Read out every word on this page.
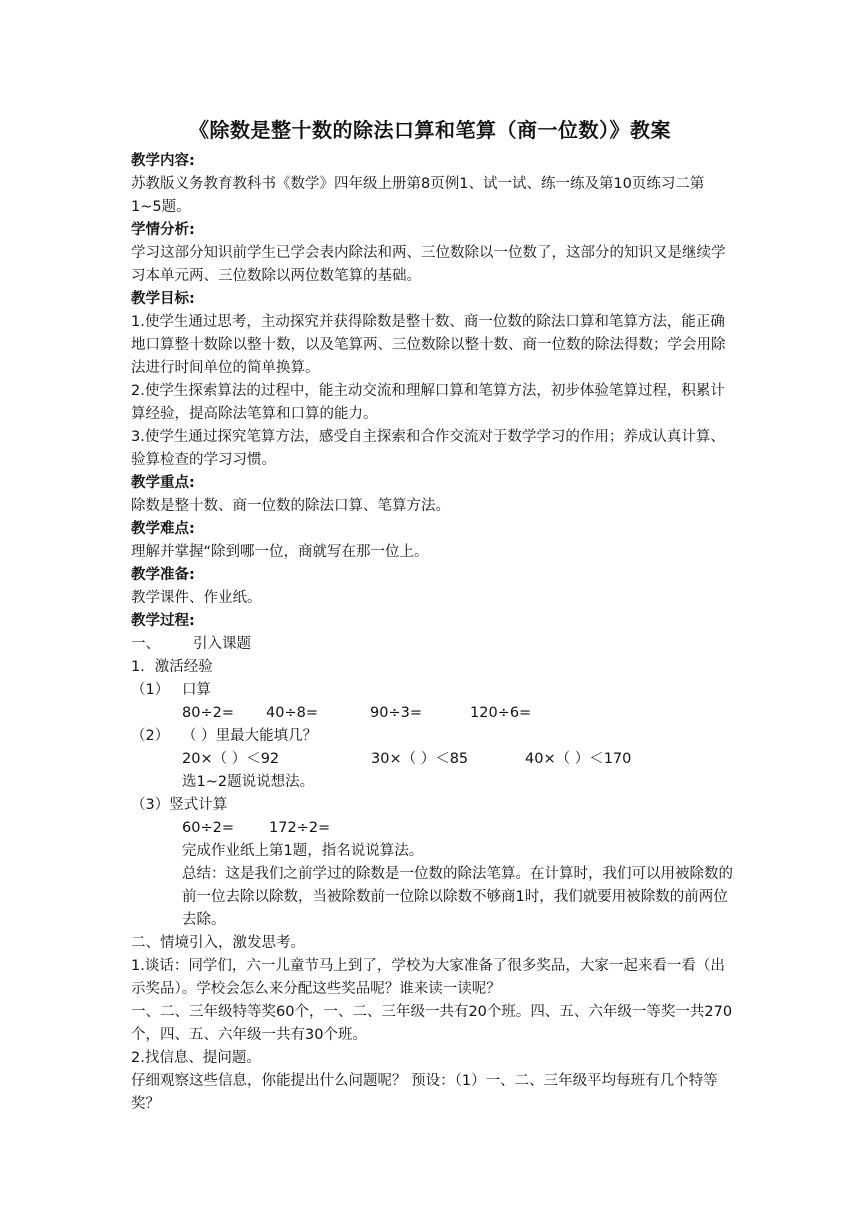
《除数是整十数的除法口算和笔算（商一位数）》教案

教学内容:

苏教版义务教育教科书《数学》四年级上册第8页例1、试一试、练一练及第10页练习二第1~5题。

学情分析:

学习这部分知识前学生已学会表内除法和两、三位数除以一位数了，这部分的知识又是继续学习本单元两、三位数除以两位数笔算的基础。

教学目标:

1.使学生通过思考，主动探究并获得除数是整十数、商一位数的除法口算和笔算方法，能正确地口算整十数除以整十数，以及笔算两、三位数除以整十数、商一位数的除法得数；学会用除法进行时间单位的简单换算。

2.使学生探索算法的过程中，能主动交流和理解口算和笔算方法，初步体验笔算过程，积累计算经验，提高除法笔算和口算的能力。

3.使学生通过探究笔算方法，感受自主探索和合作交流对于数学学习的作用；养成认真计算、验算检查的学习习惯。

教学重点:

除数是整十数、商一位数的除法口算、笔算方法。

教学难点:

理解并掌握“除到哪一位，商就写在那一位上。

教学准备:

教学课件、作业纸。

教学过程:

一、 引入课题

1．激活经验

（1） 口算

80÷2= 40÷8=	90÷3=	120÷6=

（2） （ ）里最大能填几？

20×（ ）＜92	30×（ ）＜85	40×（ ）＜170

选1~2题说说想法。

（3）竖式计算

60÷2= 172÷2=

完成作业纸上第1题，指名说说算法。

总结：这是我们之前学过的除数是一位数的除法笔算。在计算时，我们可以用被除数的前一位去除以除数，当被除数前一位除以除数不够商1时，我们就要用被除数的前两位去除。

二、情境引入，激发思考。

1.谈话：同学们，六一儿童节马上到了，学校为大家准备了很多奖品，大家一起来看一看（出示奖品）。学校会怎么来分配这些奖品呢？谁来读一读呢？

一、二、三年级特等奖60个，一、二、三年级一共有20个班。四、五、六年级一等奖一共270个，四、五、六年级一共有30个班。

2.找信息、提问题。

仔细观察这些信息，你能提出什么问题呢？ 预设：（1）一、二、三年级平均每班有几个特等奖？
